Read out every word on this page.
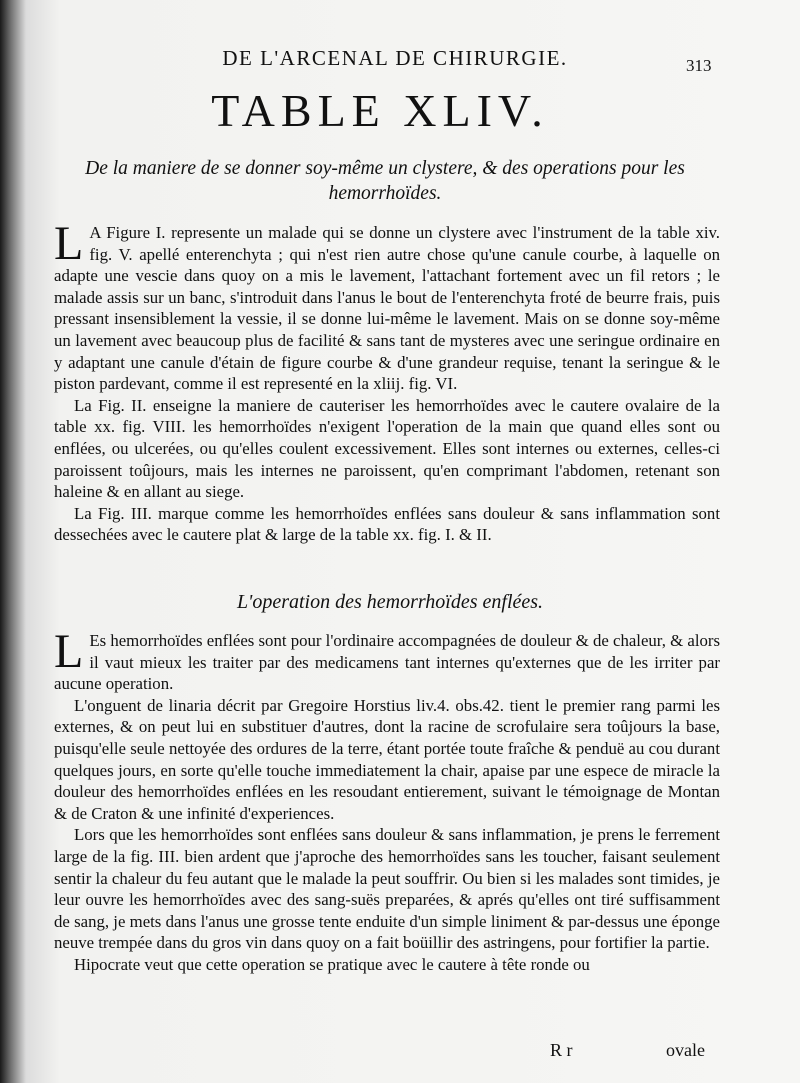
DE L'ARCENAL DE CHIRURGIE.	313
TABLE XLIV.
De la maniere de se donner soy-même un clystere, & des operations pour les hemorrhoïdes.

L A Figure I. represente un malade qui se donne un clystere avec l'instrument de la table xiv. fig. V. apellé enterenchyta ; qui n'est rien autre chose qu'une canule courbe, à laquelle on adapte une vescie dans quoy on a mis le lavement, l'attachant fortement avec un fil retors ; le malade assis sur un banc, s'introduit dans l'anus le bout de l'enterenchyta froté de beurre frais, puis pressant insensiblement la vessie, il se donne lui-même le lavement. Mais on se donne soy-même un lavement avec beaucoup plus de facilité & sans tant de mysteres avec une seringue ordinaire en y adaptant une canule d'étain de figure courbe & d'une grandeur requise, tenant la seringue & le piston pardevant, comme il est representé en la xliij. fig. VI.

La Fig. II. enseigne la maniere de cauteriser les hemorrhoïdes avec le cautere ovalaire de la table xx. fig. VIII. les hemorrhoïdes n'exigent l'operation de la main que quand elles sont ou enflées, ou ulcerées, ou qu'elles coulent excessivement. Elles sont internes ou externes, celles-ci paroissent toûjours, mais les internes ne paroissent, qu'en comprimant l'abdomen, retenant son haleine & en allant au siege.

La Fig. III. marque comme les hemorrhoïdes enflées sans douleur & sans inflammation sont dessechées avec le cautere plat & large de la table xx. fig. I. & II.

L'operation des hemorrhoïdes enflées.

L Es hemorrhoïdes enflées sont pour l'ordinaire accompagnées de douleur & de chaleur, & alors il vaut mieux les traiter par des medicamens tant internes qu'externes que de les irriter par aucune operation.

L'onguent de linaria décrit par Gregoire Horstius liv.4. obs.42. tient le premier rang parmi les externes, & on peut lui en substituer d'autres, dont la racine de scrofulaire sera toûjours la base, puisqu'elle seule nettoyée des ordures de la terre, étant portée toute fraîche & penduë au cou durant quelques jours, en sorte qu'elle touche immediatement la chair, apaise par une espece de miracle la douleur des hemorrhoïdes enflées en les resoudant entierement, suivant le témoignage de Montan & de Craton & une infinité d'experiences.

Lors que les hemorrhoïdes sont enflées sans douleur & sans inflammation, je prens le ferrement large de la fig. III. bien ardent que j'aproche des hemorrhoïdes sans les toucher, faisant seulement sentir la chaleur du feu autant que le malade la peut souffrir. Ou bien si les malades sont timides, je leur ouvre les hemorrhoïdes avec des sang-suës preparées, & aprés qu'elles ont tiré suffisamment de sang, je mets dans l'anus une grosse tente enduite d'un simple liniment & par-dessus une éponge neuve trempée dans du gros vin dans quoy on a fait boüillir des astringens, pour fortifier la partie.

Hipocrate veut que cette operation se pratique avec le cautere à tête ronde ou

R r	ovale
